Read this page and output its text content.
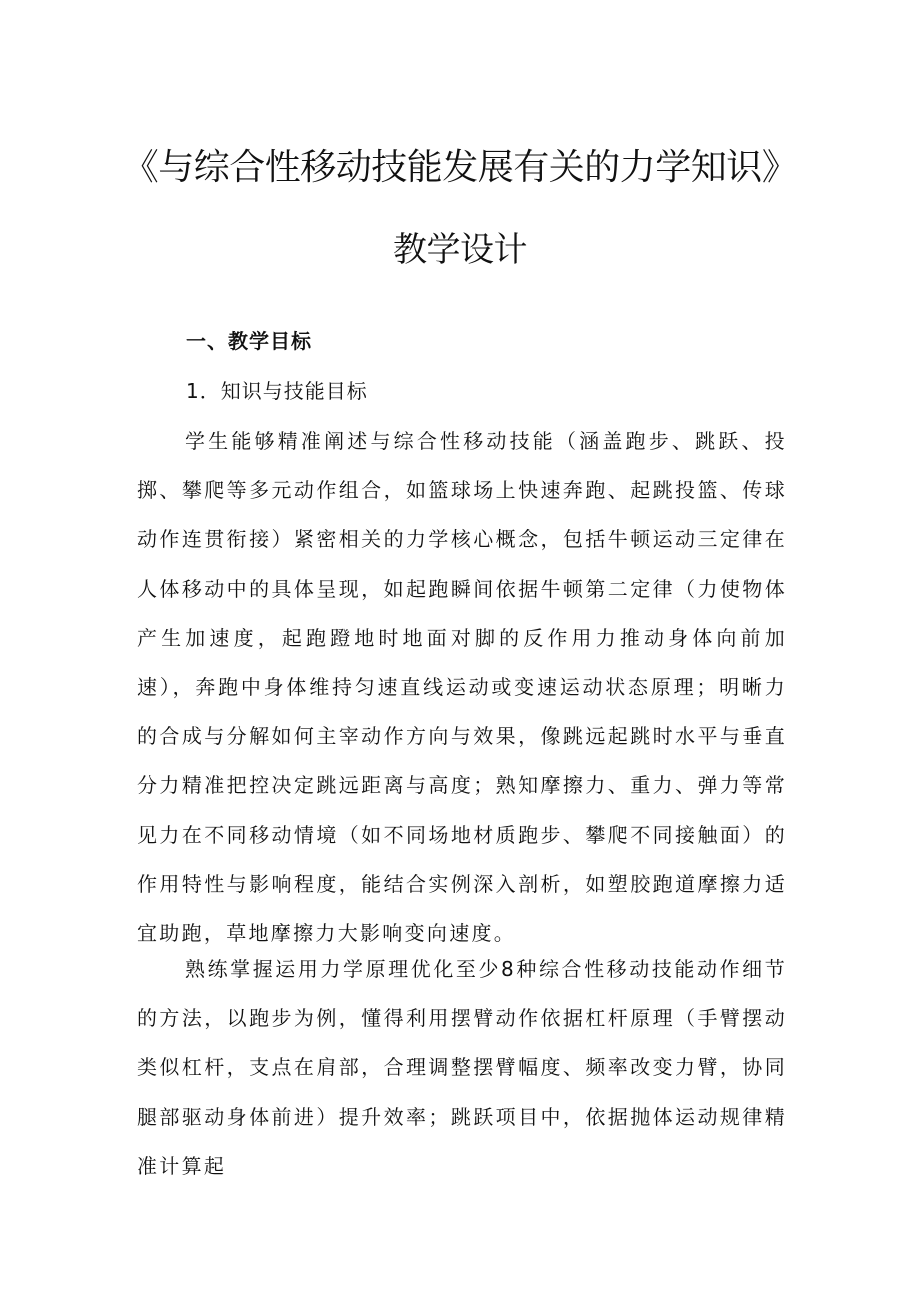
《与综合性移动技能发展有关的力学知识》
教学设计
一、教学目标
1．知识与技能目标
学生能够精准阐述与综合性移动技能（涵盖跑步、跳跃、投掷、攀爬等多元动作组合，如篮球场上快速奔跑、起跳投篮、传球动作连贯衔接）紧密相关的力学核心概念，包括牛顿运动三定律在人体移动中的具体呈现，如起跑瞬间依据牛顿第二定律（力使物体产生加速度，起跑蹬地时地面对脚的反作用力推动身体向前加速），奔跑中身体维持匀速直线运动或变速运动状态原理；明晰力的合成与分解如何主宰动作方向与效果，像跳远起跳时水平与垂直分力精准把控决定跳远距离与高度；熟知摩擦力、重力、弹力等常见力在不同移动情境（如不同场地材质跑步、攀爬不同接触面）的作用特性与影响程度，能结合实例深入剖析，如塑胶跑道摩擦力适宜助跑，草地摩擦力大影响变向速度。
熟练掌握运用力学原理优化至少8种综合性移动技能动作细节的方法，以跑步为例，懂得利用摆臂动作依据杠杆原理（手臂摆动类似杠杆，支点在肩部，合理调整摆臂幅度、频率改变力臂，协同腿部驱动身体前进）提升效率；跳跃项目中，依据抛体运动规律精准计算起
